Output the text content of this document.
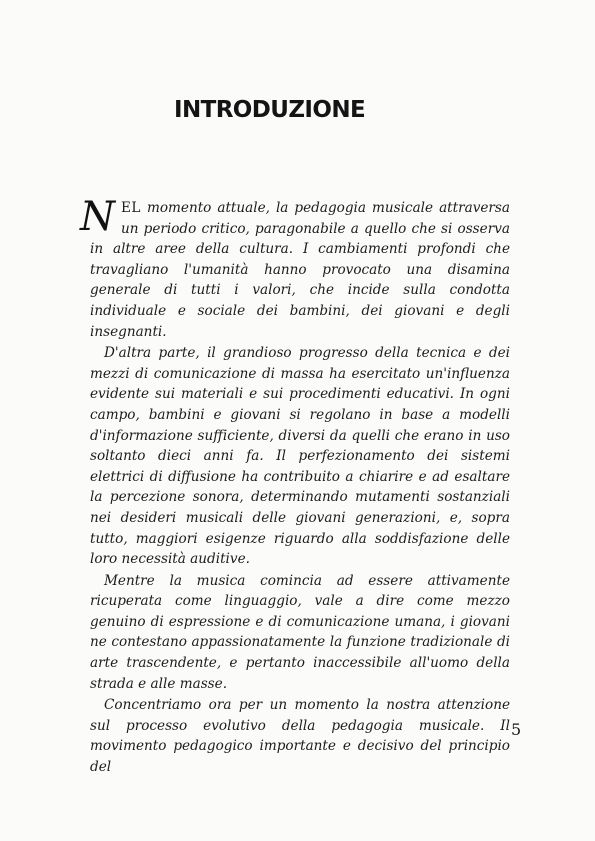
INTRODUZIONE

NEL momento attuale, la pedagogia musicale attraversa un periodo critico, paragonabile a quello che si osserva in altre aree della cultura. I cambiamenti profondi che travagliano l'umanità hanno provocato una disamina generale di tutti i valori, che incide sulla condotta individuale e sociale dei bambini, dei giovani e degli insegnanti.

D'altra parte, il grandioso progresso della tecnica e dei mezzi di comunicazione di massa ha esercitato un'influenza evidente sui materiali e sui procedimenti educativi. In ogni campo, bambini e giovani si regolano in base a modelli d'informazione sufficiente, diversi da quelli che erano in uso soltanto dieci anni fa. Il perfezionamento dei sistemi elettrici di diffusione ha contribuito a chiarire e ad esaltare la percezione sonora, determinando mutamenti sostanziali nei desideri musicali delle giovani generazioni, e, sopra tutto, maggiori esigenze riguardo alla soddisfazione delle loro necessità auditive.

Mentre la musica comincia ad essere attivamente ricuperata come linguaggio, vale a dire come mezzo genuino di espressione e di comunicazione umana, i giovani ne contestano appassionatamente la funzione tradizionale di arte trascendente, e pertanto inaccessibile all'uomo della strada e alle masse.

Concentriamo ora per un momento la nostra attenzione sul processo evolutivo della pedagogia musicale. Il movimento pedagogico importante e decisivo del principio del

5
